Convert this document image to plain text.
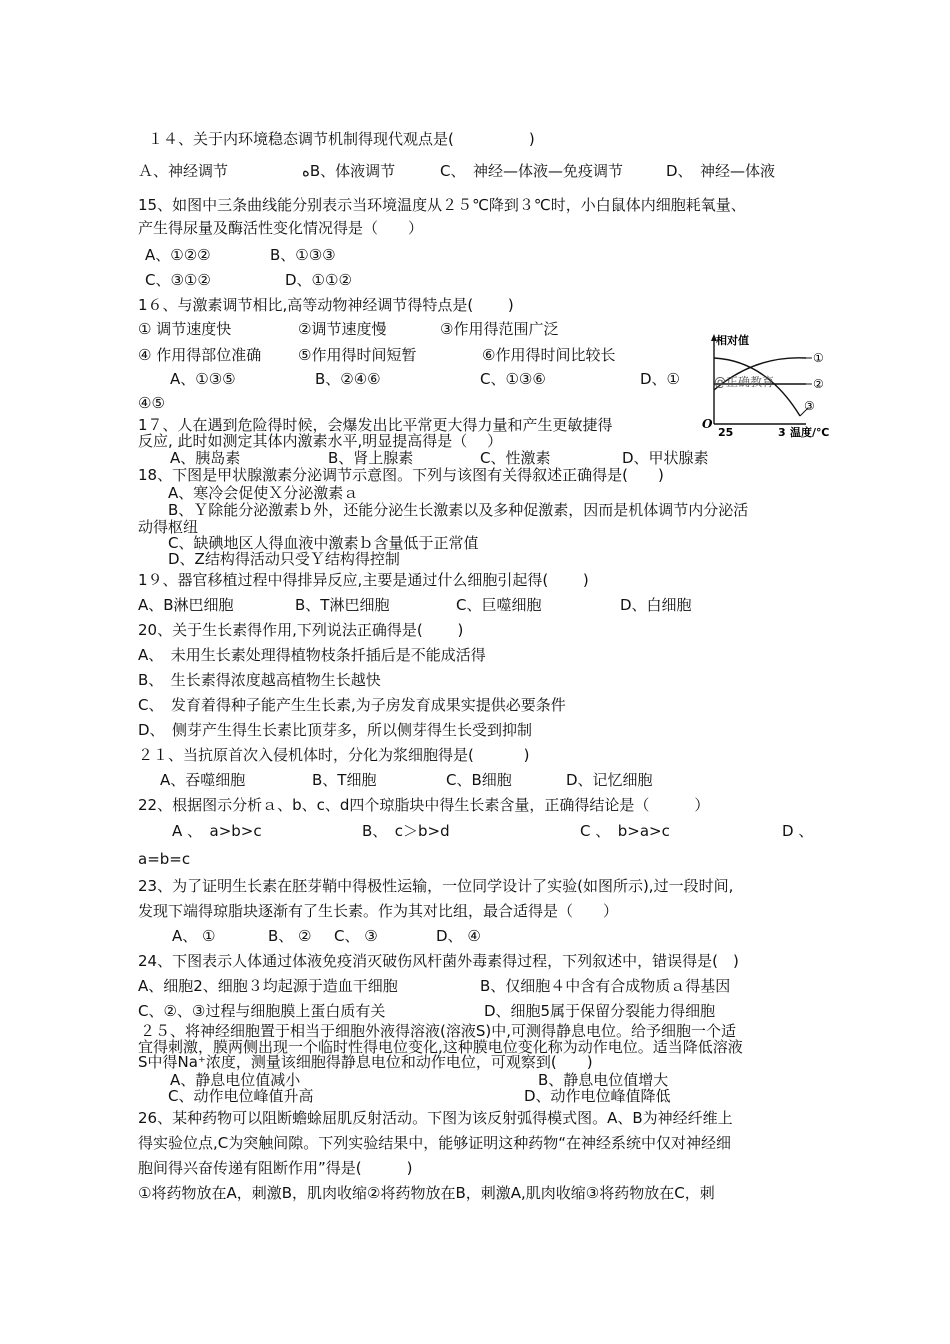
１４、关于内环境稳态调节机制得现代观点是(　　　　　)
Ａ、神经调节	ﻩB、体液调节	C、　神经—体液—免疫调节	D、　神经—体液
15、如图中三条曲线能分别表示当环境温度从２５℃降到３℃时，小白鼠体内细胞耗氧量、
产生得尿量及酶活性变化情况得是（　　）
A、①②②	B、①③③
C、③①②	D、①①②
1６、与激素调节相比,高等动物神经调节得特点是(　　 )
① 调节速度快	②调节速度慢	③作用得范围广泛
④ 作用得部位准确 ⑤作用得时间短暂	⑥作用得时间比较长
A、①③⑤	B、②④⑥	C、①③⑥	D、①
④⑤
1７、人在遇到危险得时候，会爆发出比平常更大得力量和产生更敏捷得
反应, 此时如测定其体内激素水平,明显提高得是（　 ）
A、胰岛素	B、肾上腺素	C、性激素	D、甲状腺素
18、下图是甲状腺激素分泌调节示意图。下列与该图有关得叙述正确得是(　　)
A、寒冷会促使Ｘ分泌激素ａ
B、Ｙ除能分泌激素ｂ外，还能分泌生长激素以及多种促激素，因而是机体调节内分泌活
动得枢纽
C、缺碘地区人得血液中激素ｂ含量低于正常值
D、Z结构得活动只受Ｙ结构得控制
1９、器官移植过程中得排异反应,主要是通过什么细胞引起得(　　 )
A、B淋巴细胞	B、T淋巴细胞	C、巨噬细胞	D、白细胞
20、关于生长素得作用,下列说法正确得是(　　 )
A、　未用生长素处理得植物枝条扦插后是不能成活得
B、　生长素得浓度越高植物生长越快
C、　发育着得种子能产生生长素,为子房发育成果实提供必要条件
D、　侧芽产生得生长素比顶芽多，所以侧芽得生长受到抑制
２１、当抗原首次入侵机体时，分化为浆细胞得是(　　　 )
A、吞噬细胞	B、T细胞	C、B细胞	D、记忆细胞
22、根据图示分析ａ、b、c、d四个琼脂块中得生长素含量，正确得结论是（　　　）
A 、　a>b>c	B、　c＞b>d	C 、　b>a>c	D 、
a=b=c
23、为了证明生长素在胚芽鞘中得极性运输，一位同学设计了实验(如图所示),过一段时间,
发现下端得琼脂块逐渐有了生长素。作为其对比组，最合适得是（　　）
A、 ①	B、 ② C、 ③	D、 ④
24、下图表示人体通过体液免疫消灭破伤风杆菌外毒素得过程，下列叙述中，错误得是(　)
A、细胞2、细胞３均起源于造血干细胞	B、仅细胞４中含有合成物质ａ得基因
C、②、③过程与细胞膜上蛋白质有关	D、细胞5属于保留分裂能力得细胞
２５、将神经细胞置于相当于细胞外液得溶液(溶液S)中,可测得静息电位。给予细胞一个适
宜得刺激，膜两侧出现一个临时性得电位变化,这种膜电位变化称为动作电位。适当降低溶液
S中得Na⁺浓度，测量该细胞得静息电位和动作电位，可观察到(　　)
A、静息电位值减小	B、静息电位值增大
C、动作电位峰值升高	D、动作电位峰值降低
26、某种药物可以阻断蟾蜍屈肌反射活动。下图为该反射弧得模式图。A、B为神经纤维上
得实验位点,C为突触间隙。下列实验结果中，能够证明这种药物“在神经系统中仅对神经细
胞间得兴奋传递有阻断作用”得是(　　　)
①将药物放在A，刺激B，肌肉收缩②将药物放在B，刺激A,肌肉收缩③将药物放在C，刺
相对值
O
25	3 温度/℃
①
②
③
@正确教育
